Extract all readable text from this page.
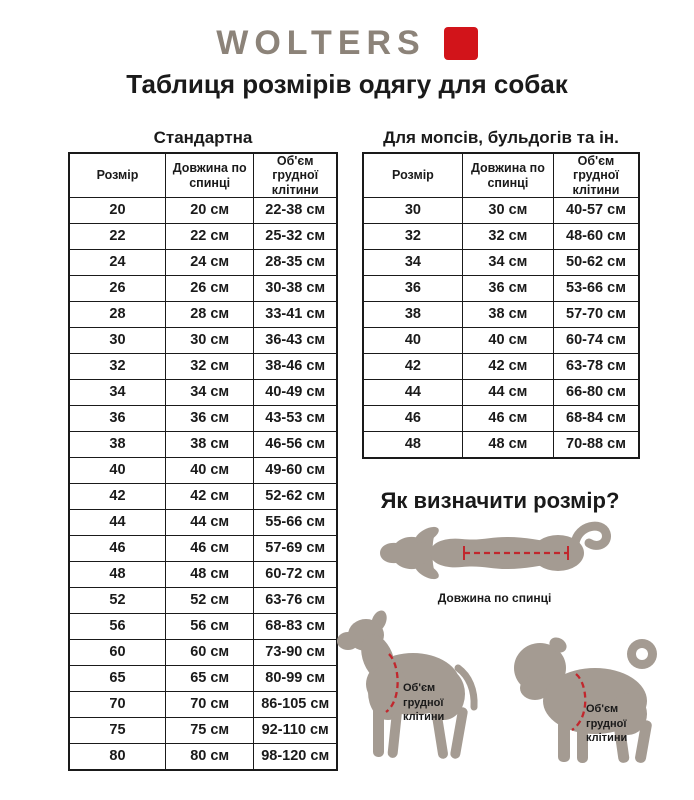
WOLTERS
Таблиця розмірів одягу для собак
Стандартна
Розмір	Довжина по спинці	Об'єм грудної клітини
20	20 см	22-38 см
22	22 см	25-32 см
24	24 см	28-35 см
26	26 см	30-38 см
28	28 см	33-41 см
30	30 см	36-43 см
32	32 см	38-46 см
34	34 см	40-49 см
36	36 см	43-53 см
38	38 см	46-56 см
40	40 см	49-60 см
42	42 см	52-62 см
44	44 см	55-66 см
46	46 см	57-69 см
48	48 см	60-72 см
52	52 см	63-76 см
56	56 см	68-83 см
60	60 см	73-90 см
65	65 см	80-99 см
70	70 см	86-105 см
75	75 см	92-110 см
80	80 см	98-120 см
Для мопсів, бульдогів та ін.
Розмір	Довжина по спинці	Об'єм грудної клітини
30	30 см	40-57 см
32	32 см	48-60 см
34	34 см	50-62 см
36	36 см	53-66 см
38	38 см	57-70 см
40	40 см	60-74 см
42	42 см	63-78 см
44	44 см	66-80 см
46	46 см	68-84 см
48	48 см	70-88 см
Як визначити розмір?
Довжина по спинці
Об'єм
грудної
клітини
Об'єм
грудної
клітини
